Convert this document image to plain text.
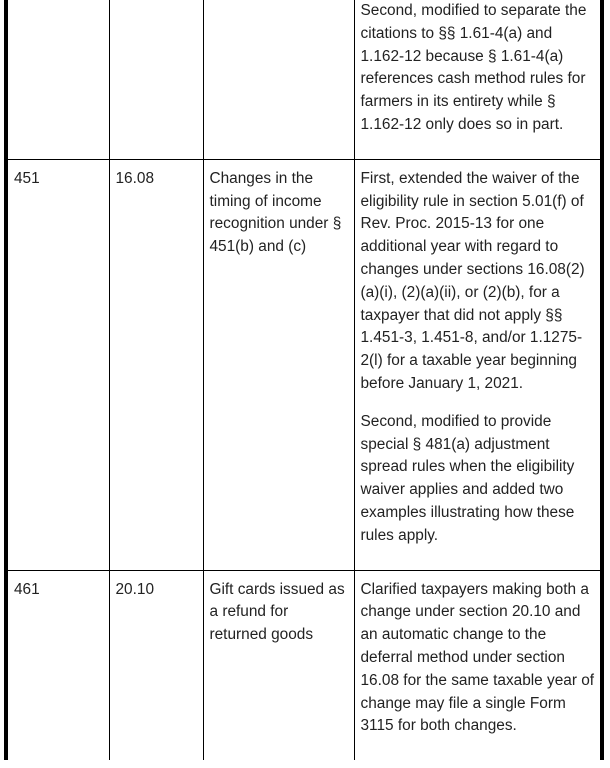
			Second, modified to separate the citations to §§ 1.61-4(a) and 1.162-12 because § 1.61-4(a) references cash method rules for farmers in its entirety while § 1.162-12 only does so in part.

451	16.08	Changes in the timing of income recognition under § 451(b) and (c)	First, extended the waiver of the eligibility rule in section 5.01(f) of Rev. Proc. 2015-13 for one additional year with regard to changes under sections 16.08(2)(a)(i), (2)(a)(ii), or (2)(b), for a taxpayer that did not apply §§ 1.451-3, 1.451-8, and/or 1.1275-2(l) for a taxable year beginning before January 1, 2021.

Second, modified to provide special § 481(a) adjustment spread rules when the eligibility waiver applies and added two examples illustrating how these rules apply.

461	20.10	Gift cards issued as a refund for returned goods	Clarified taxpayers making both a change under section 20.10 and an automatic change to the deferral method under section 16.08 for the same taxable year of change may file a single Form 3115 for both changes.
